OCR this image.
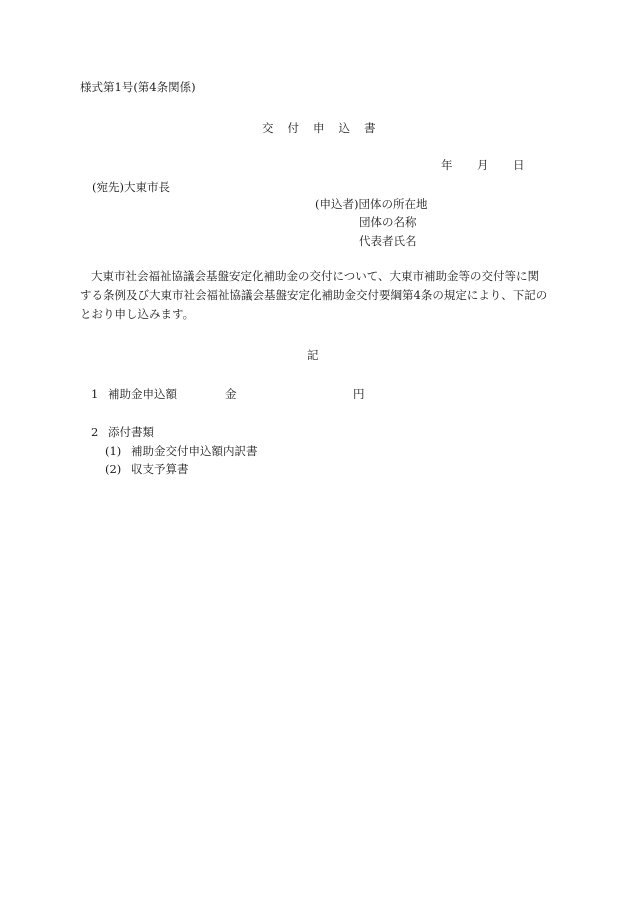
様式第1号(第4条関係)
交 付 申 込 書
年 月 日
(宛先)大東市長
(申込者)団体の所在地
団体の名称
代表者氏名
大東市社会福祉協議会基盤安定化補助金の交付について、大東市補助金等の交付等に関する条例及び大東市社会福祉協議会基盤安定化補助金交付要綱第4条の規定により、下記のとおり申し込みます。
記
1 補助金申込額	金	円
2 添付書類
(1) 補助金交付申込額内訳書
(2) 収支予算書
